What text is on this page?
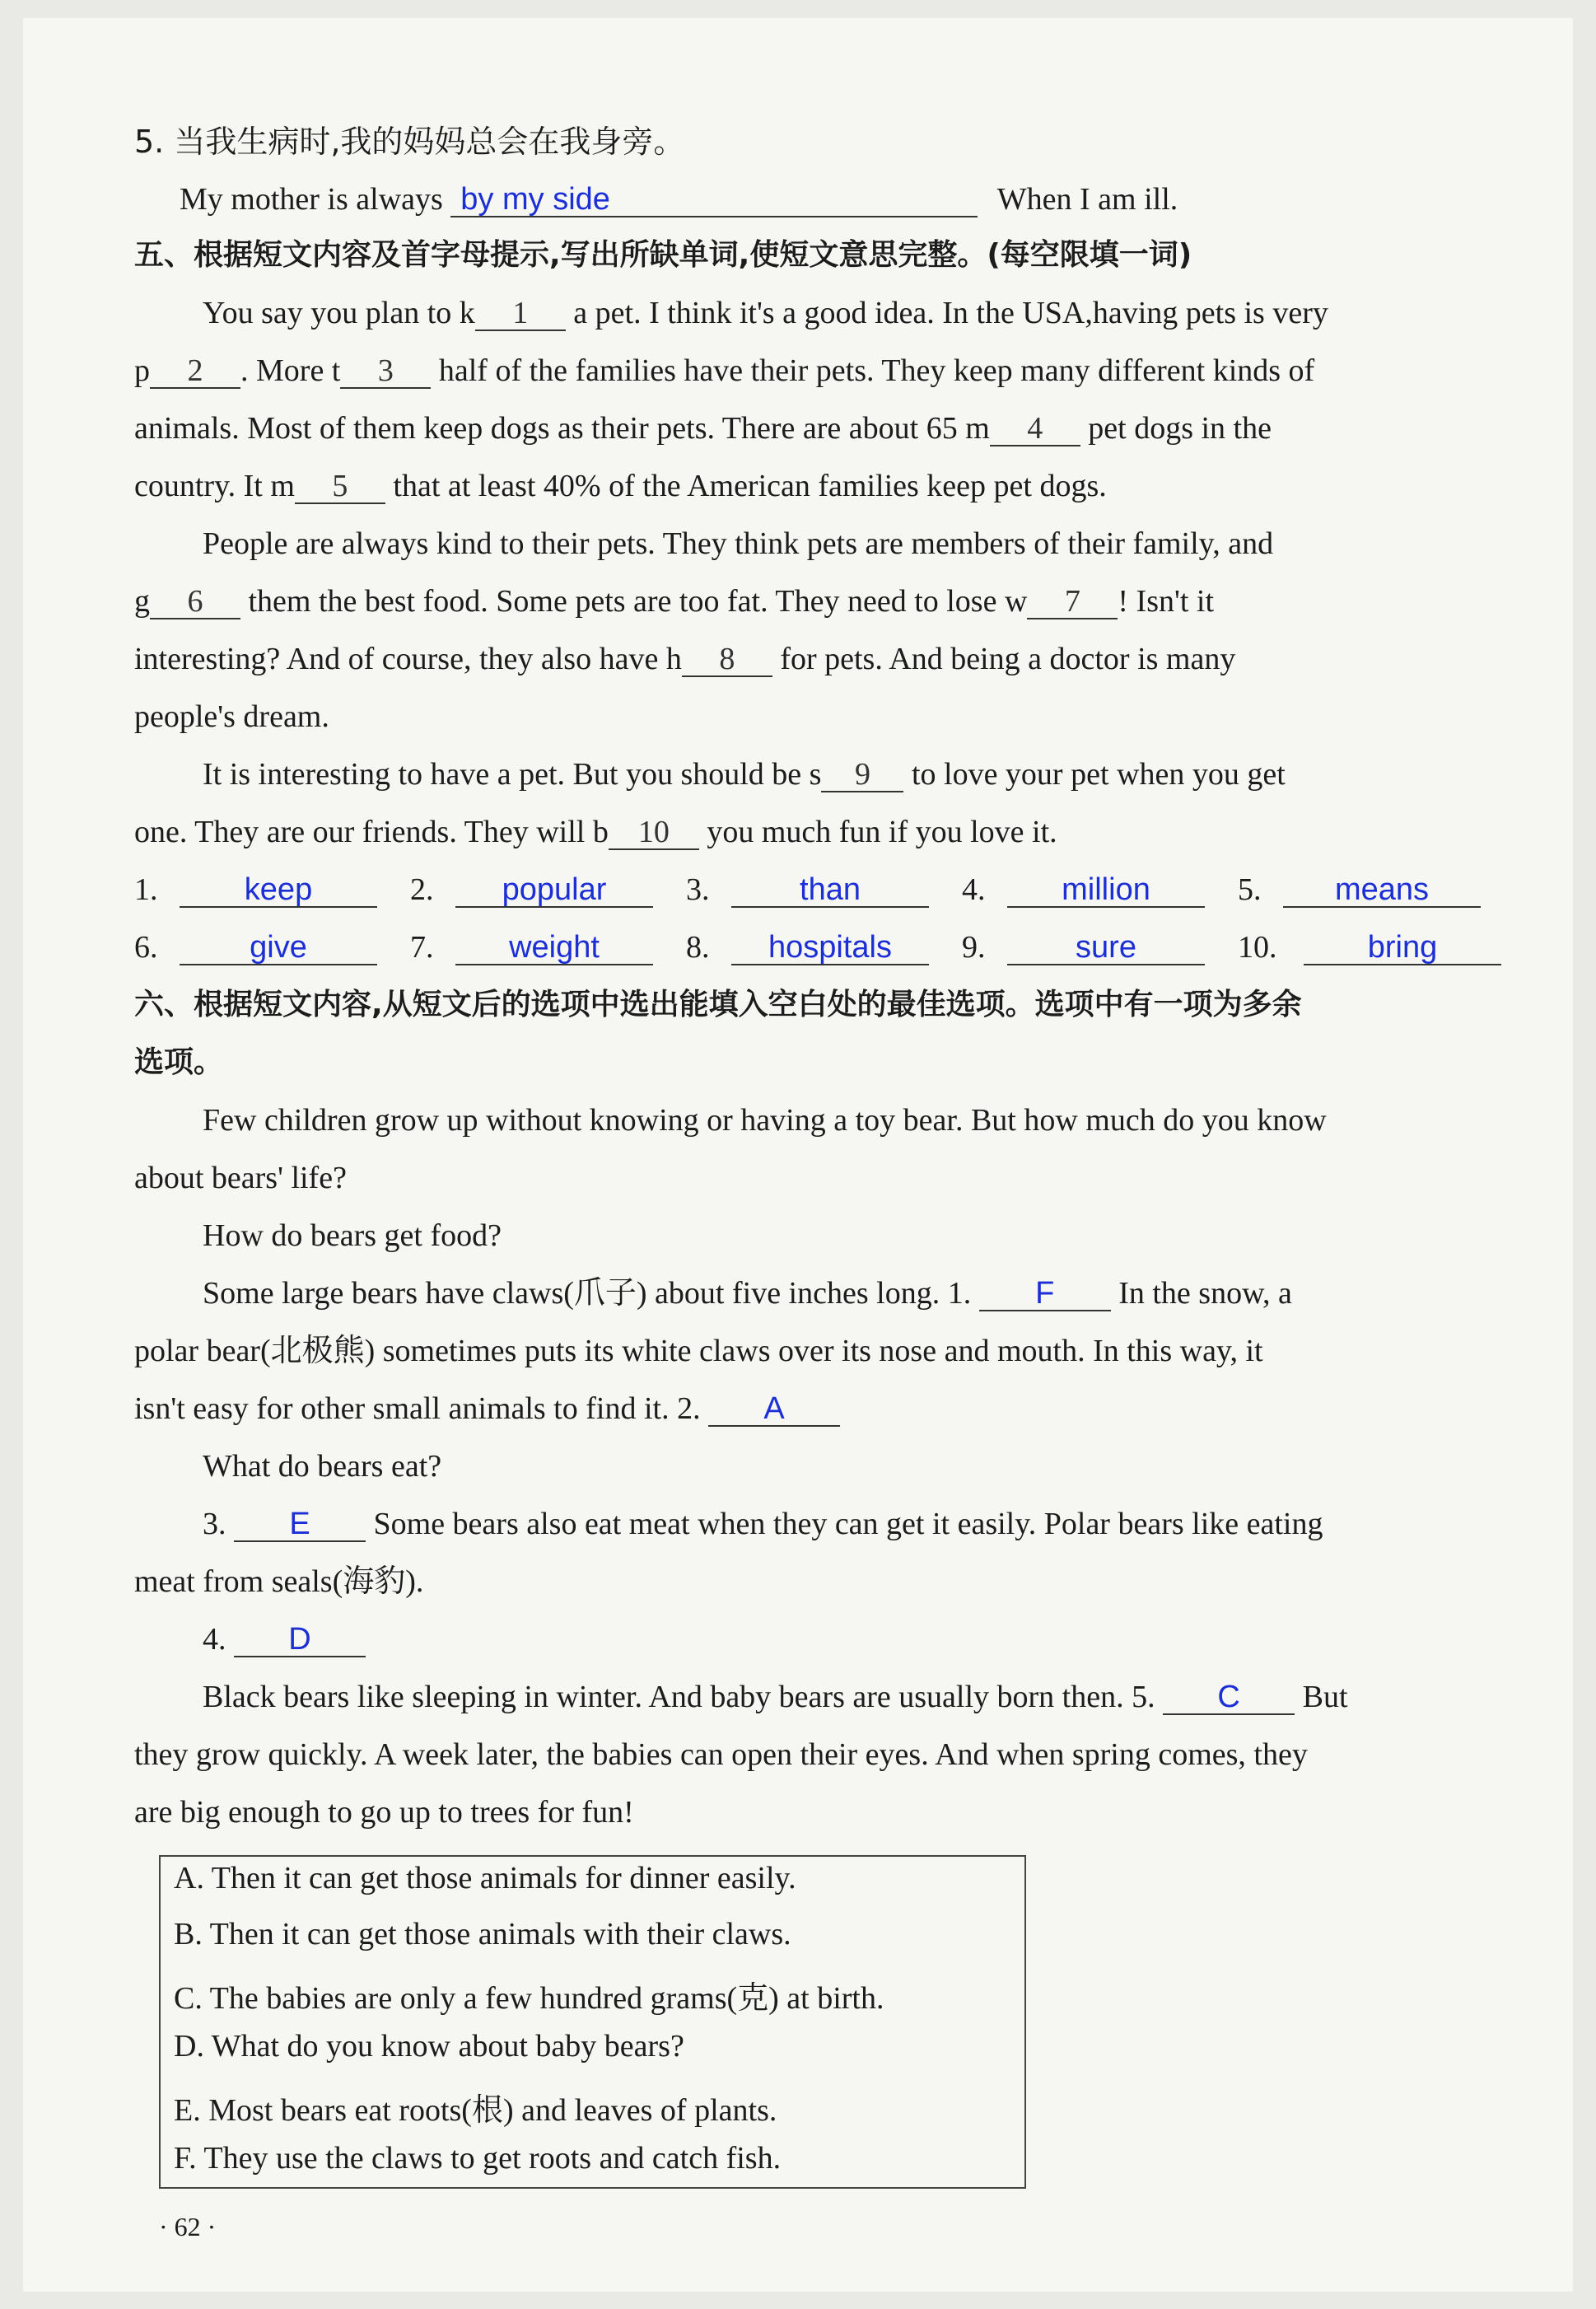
5. 当我生病时,我的妈妈总会在我身旁。
My mother is always by my side	When I am ill.
五、根据短文内容及首字母提示,写出所缺单词,使短文意思完整。(每空限填一词)
You say you plan to k 1 a pet. I think it's a good idea. In the USA,having pets is very
p 2 . More t 3 half of the families have their pets. They keep many different kinds of
animals. Most of them keep dogs as their pets. There are about 65 m 4 pet dogs in the
country. It m 5 that at least 40% of the American families keep pet dogs.
People are always kind to their pets. They think pets are members of their family, and
g 6 them the best food. Some pets are too fat. They need to lose w 7 ! Isn't it
interesting? And of course, they also have h 8 for pets. And being a doctor is many
people's dream.
It is interesting to have a pet. But you should be s 9 to love your pet when you get
one. They are our friends. They will b 10 you much fun if you love it.
1.	keep	2.	popular	3.	than	4.	million	5.	means
6.	give	7.	weight	8.	hospitals	9.	sure	10.	bring
六、根据短文内容,从短文后的选项中选出能填入空白处的最佳选项。选项中有一项为多余
选项。
Few children grow up without knowing or having a toy bear. But how much do you know
about bears' life?
How do bears get food?
Some large bears have claws(爪子) about five inches long. 1. F In the snow, a
polar bear(北极熊) sometimes puts its white claws over its nose and mouth. In this way, it
isn't easy for other small animals to find it. 2. A
What do bears eat?
3. E Some bears also eat meat when they can get it easily. Polar bears like eating
meat from seals(海豹).
4. D
Black bears like sleeping in winter. And baby bears are usually born then. 5. C But
they grow quickly. A week later, the babies can open their eyes. And when spring comes, they
are big enough to go up to trees for fun!
A. Then it can get those animals for dinner easily.
B. Then it can get those animals with their claws.
C. The babies are only a few hundred grams(克) at birth.
D. What do you know about baby bears?
E. Most bears eat roots(根) and leaves of plants.
F. They use the claws to get roots and catch fish.
· 62 ·
